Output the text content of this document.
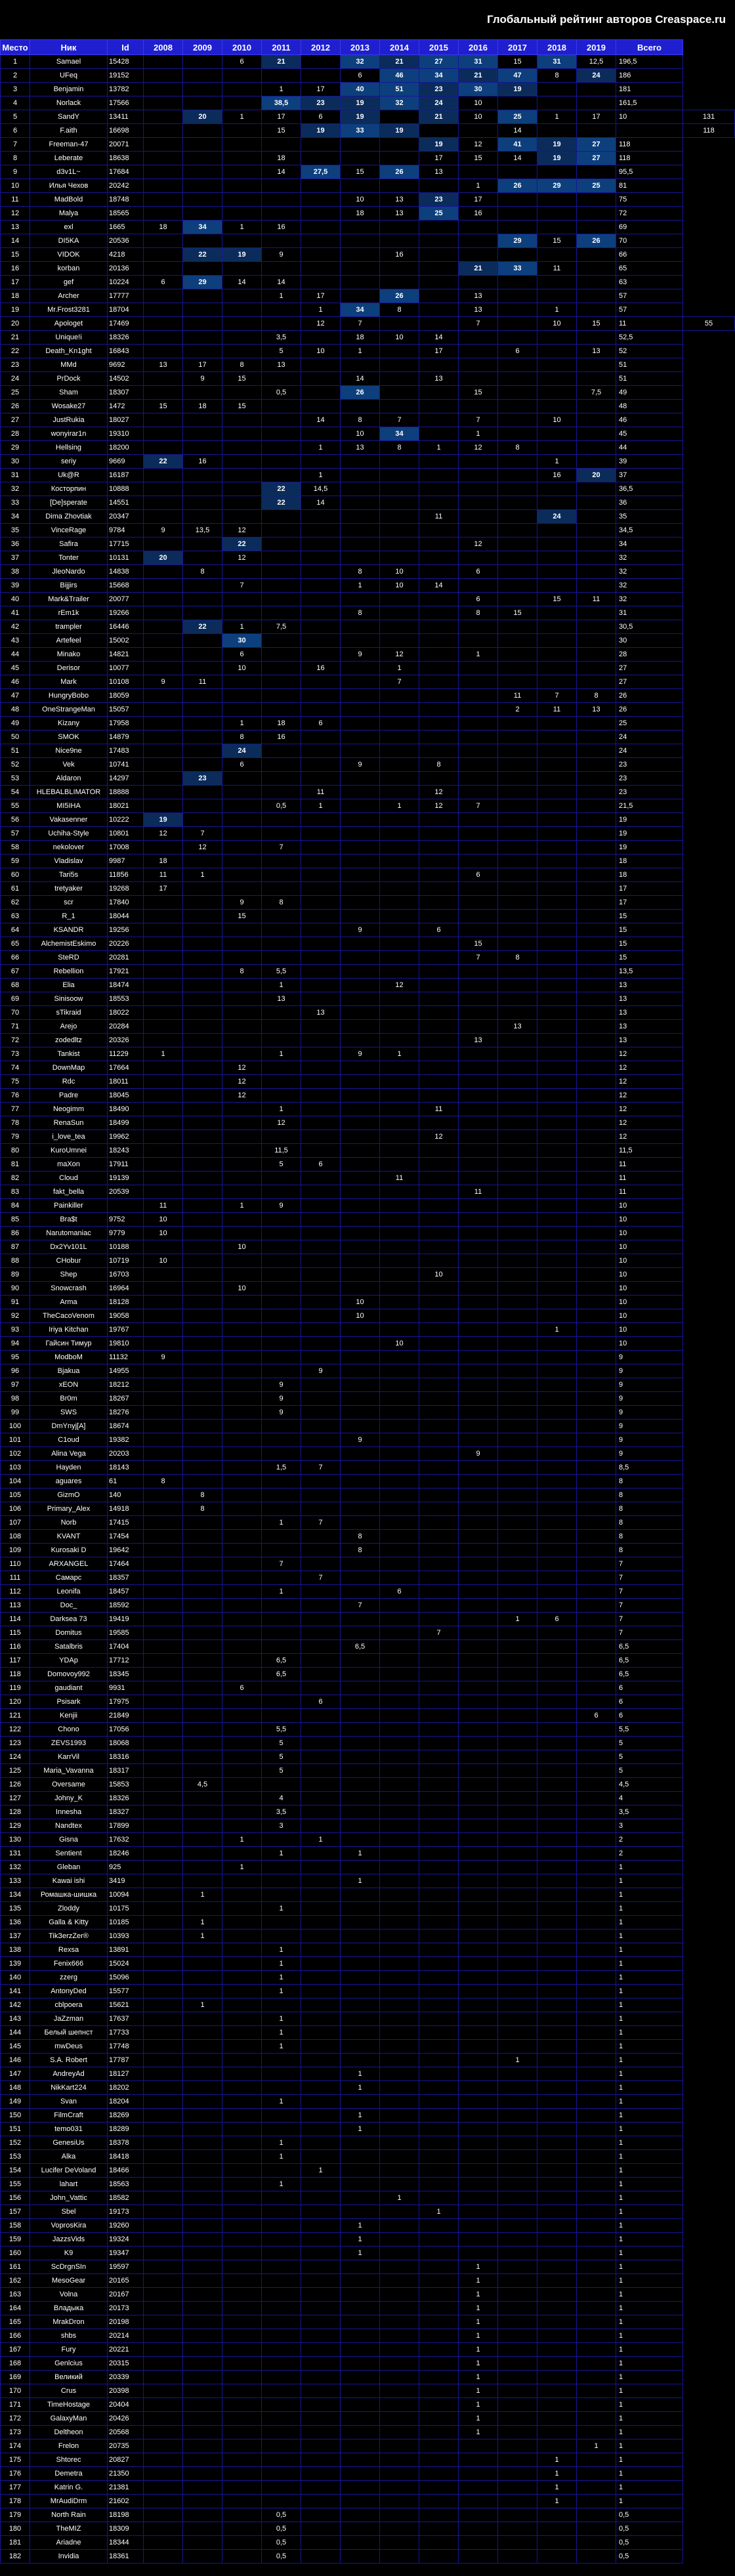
Глобальный рейтинг авторов Creaspace.ru
Место	Ник	Id	2008	2009	2010	2011	2012	2013	2014	2015	2016	2017	2018	2019	Всего	
1	Samael	15428			6	21		32	21	27	31	15	31	12,5	196,5	
2	UFeq	19152						6	46	34	21	47	8	24	186	
3	Benjamin	13782				1	17	40	51	23	30	19			181	
4	Norlack	17566				38,5	23	19	32	24	10				161,5	
5	SandY	13411		20	1	17	6	19		21	10	25	1	17	10	131
6	F.aith	16698				15	19	33	19			14				118
7	Freeman-47	20071								19	12	41	19	27	118	
8	Leberate	18638				18				17	15	14	19	27	118	
9	d3v1L~	17684				14	27,5	15	26	13					95,5	
10	Илья Чехов	20242									1	26	29	25	81	
11	MadBold	18748						10	13	23	17				75	
12	Malya	18565						18	13	25	16				72	
13	exl	1665	18	34	1	16									69	
14	DI5KA	20536										29	15	26	70	
15	VIDOK	4218		22	19	9			16						66	
16	korban	20136									21	33	11		65	
17	gef	10224	6	29	14	14									63	
18	Archer	17777				1	17		26		13				57	
19	Mr.Frost3281	18704					1	34	8		13		1		57	
20	Apologet	17469					12	7			7		10	15	11	55
21	Unique!i	18326				3,5		18	10	14					52,5	
22	Death_Kn1ght	16843				5	10	1		17		6		13	52	
23	MMd	9692	13	17	8	13									51	
24	PrDock	14502		9	15			14		13					51	
25	Sham	18307				0,5		26			15			7,5	49	
26	Wosake27	1472	15	18	15										48	
27	JustRukia	18027					14	8	7		7		10		46	
28	wonyirar1n	19310						10	34		1				45	
29	Hellsing	18200					1	13	8	1	12	8			44	
30	seriy	9669	22	16									1		39	
31	Uk@R	16187					1						16	20	37	
32	Косторпин	10888				22	14,5								36,5	
33	[De]sperate	14551				22	14								36	
34	Dima Zhovtiak	20347								11			24		35	
35	VinceRage	9784	9	13,5	12										34,5	
36	Safira	17715			22						12				34	
37	Tonter	10131	20		12										32	
38	JleoNardo	14838		8				8	10		6				32	
39	Bijjirs	15668			7			1	10	14					32	
40	Mark&Trailer	20077									6		15	11	32	
41	rEm1k	19266						8			8	15			31	
42	trampler	16446		22	1	7,5									30,5	
43	Artefeel	15002			30										30	
44	Minako	14821			6			9	12		1				28	
45	Derisor	10077			10		16		1						27	
46	Mark	10108	9	11					7						27	
47	HungryBobo	18059										11	7	8	26	
48	OneStrangeMan	15057										2	11	13	26	
49	Kizany	17958			1	18	6								25	
50	SMOK	14879			8	16									24	
51	Nice9ne	17483			24										24	
52	Vek	10741			6			9		8					23	
53	Aldaron	14297		23											23	
54	HLEBALBLIMATOR	18888					11			12					23	
55	MI5IHA	18021				0,5	1		1	12	7				21,5	
56	Vakasenner	10222	19												19	
57	Uchiha-Style	10801	12	7											19	
58	nekolover	17008		12		7									19	
59	Vladislav	9987	18												18	
60	Tari5s	11856	11	1							6				18	
61	tretyaker	19268	17												17	
62	scr	17840			9	8									17	
63	R_1	18044			15										15	
64	KSANDR	19256						9		6					15	
65	AlchemistEskimo	20226									15				15	
66	SteRD	20281									7	8			15	
67	Rebellion	17921			8	5,5									13,5	
68	Elia	18474				1			12						13	
69	Sinisoow	18553				13									13	
70	sTikraid	18022					13								13	
71	Arejo	20284										13			13	
72	zodedltz	20326									13				13	
73	Tankist	11229	1			1		9	1						12	
74	DownMap	17664			12										12	
75	Rdc	18011			12										12	
76	Padre	18045			12										12	
77	Neogimm	18490				1				11					12	
78	RenaSun	18499				12									12	
79	i_love_tea	19962								12					12	
80	KuroUmnei	18243				11,5									11,5	
81	maXon	17911				5	6								11	
82	Cloud	19139							11						11	
83	fakt_bella	20539									11				11	
84	Painkiller		11		1	9									10	
85	Bra$t	9752	10												10	
86	Narutomaniac	9779	10												10	
87	Dx2Yv101L	10188			10										10	
88	CHobur	10719	10												10	
89	Shep	16703								10					10	
90	Snowcrash	16964			10										10	
91	Arma	18128						10							10	
92	TheCacoVenom	19058						10							10	
93	Iriya Kitchan	19767											1		10	
94	Гайсин Тимур	19810							10						10	
95	ModboM	11132	9												9	
96	Bjakua	14955					9								9	
97	xEON	18212				9									9	
98	Br0m	18267				9									9	
99	SWS	18276				9									9	
100	DmYnyj[A]	18674													9	
101	C1oud	19382						9							9	
102	Alina Vega	20203									9				9	
103	Hayden	18143				1,5	7								8,5	
104	aguares	61	8												8	
105	GizmO	140		8											8	
106	Primary_Alex	14918		8											8	
107	Norb	17415				1	7								8	
108	KVANT	17454						8							8	
109	Kurosaki D	19642						8							8	
110	ARXANGEL	17464				7									7	
111	Самарс	18357					7								7	
112	Leonifa	18457				1			6						7	
113	Doc_	18592						7							7	
114	Darksea 73	19419										1	6		7	
115	Domitus	19585								7					7	
116	Satalbris	17404						6,5							6,5	
117	YDAp	17712				6,5									6,5	
118	Domovoy992	18345				6,5									6,5	
119	gaudiant	9931			6										6	
120	Psisark	17975					6								6	
121	Kenjii	21849												6	6	
122	Chono	17056				5,5									5,5	
123	ZEVS1993	18068				5									5	
124	KarrVil	18316				5									5	
125	Maria_Vavanna	18317				5									5	
126	Oversame	15853		4,5											4,5	
127	Johny_K	18326				4									4	
128	Innesha	18327				3,5									3,5	
129	Nandtex	17899				3									3	
130	Gisna	17632			1		1								2	
131	Sentient	18246				1		1							2	
132	Gleban	925			1										1	
133	Kawai ishi	3419						1							1	
134	Ромашка-шишка	10094		1											1	
135	Zloddy	10175				1									1	
136	Galla & Kitty	10185		1											1	
137	TikЗerzZer®	10393		1											1	
138	Rexsa	13891				1									1	
139	Fenix666	15024				1									1	
140	zzerg	15096				1									1	
141	AntonyDed	15577				1									1	
142	cblpoera	15621		1											1	
143	JaZzman	17637				1									1	
144	Белый шепнст	17733				1									1	
145	mwDeus	17748				1									1	
146	S.A. Robert	17787										1			1	
147	AndreyAd	18127						1							1	
148	NikKart224	18202						1							1	
149	Svan	18204				1									1	
150	FilmCraft	18269						1							1	
151	temo031	18289						1							1	
152	GenesiUs	18378				1									1	
153	Alka	18418				1									1	
154	Lucifer DeVoland	18466					1								1	
155	lahart	18563				1									1	
156	John_Vattic	18582							1						1	
157	Sbel	19173								1					1	
158	VoprosKira	19260						1							1	
159	JazzsVids	19324						1							1	
160	K9	19347						1							1	
161	ScDrgnSIn	19597									1				1	
162	MesoGear	20165									1				1	
163	Volna	20167									1				1	
164	Владыка	20173									1				1	
165	MrakDron	20198									1				1	
166	shbs	20214									1				1	
167	Fury	20221									1				1	
168	Genlcius	20315									1				1	
169	Великий	20339									1				1	
170	Crus	20398									1				1	
171	TimeHostage	20404									1				1	
172	GalaxyMan	20426									1				1	
173	Deltheon	20568									1				1	
174	Frelon	20735												1	1	
175	Shtorec	20827											1		1	
176	Demetra	21350											1		1	
177	Katrin G.	21381											1		1	
178	MrAudiDrm	21602											1		1	
179	North Rain	18198				0,5									0,5	
180	TheMIZ	18309				0,5									0,5	
181	Ariadne	18344				0,5									0,5	
182	Invidia	18361				0,5									0,5	
